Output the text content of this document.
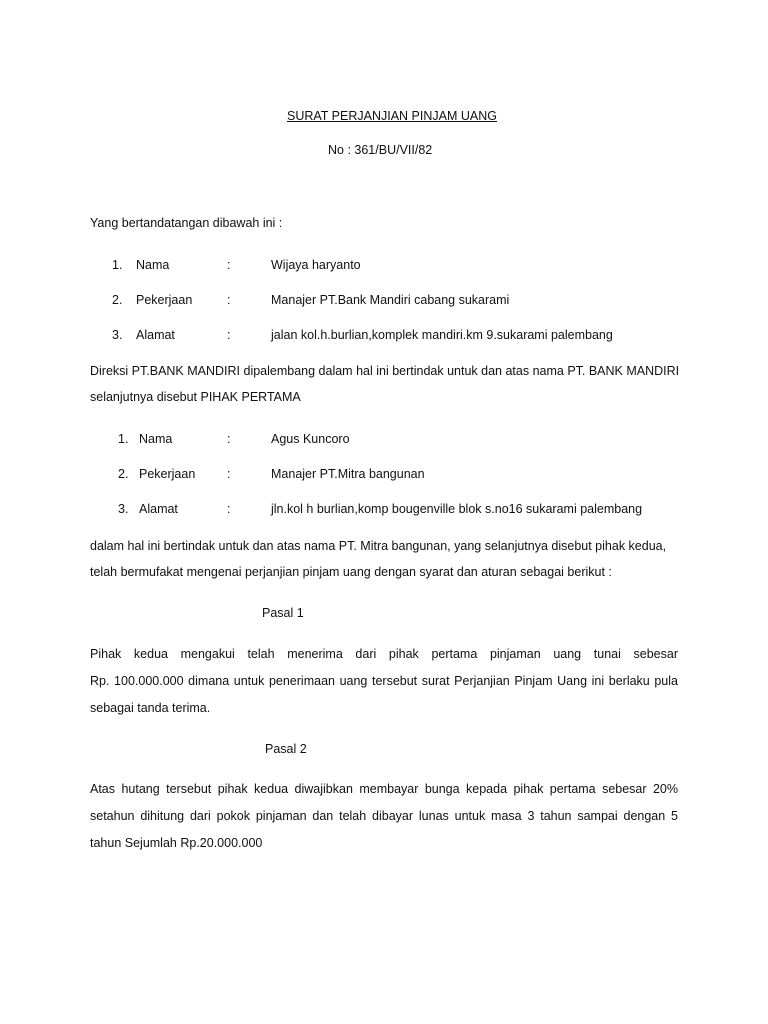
SURAT PERJANJIAN PINJAM UANG
No : 361/BU/VII/82
Yang bertandatangan dibawah ini :
1. Nama	:	Wijaya haryanto
2. Pekerjaan	:	Manajer PT.Bank Mandiri cabang sukarami
3. Alamat	:	jalan kol.h.burlian,komplek mandiri.km 9.sukarami palembang
Direksi PT.BANK MANDIRI dipalembang dalam hal ini bertindak untuk dan atas nama PT. BANK MANDIRI
selanjutnya disebut PIHAK PERTAMA
1. Nama	:	Agus Kuncoro
2. Pekerjaan	:	Manajer PT.Mitra bangunan
3. Alamat	:	jln.kol h burlian,komp bougenville blok s.no16 sukarami palembang
dalam hal ini bertindak untuk dan atas nama PT. Mitra bangunan, yang selanjutnya disebut pihak kedua,
telah bermufakat mengenai perjanjian pinjam uang dengan syarat dan aturan sebagai berikut :
Pasal 1
Pihak kedua mengakui telah menerima dari pihak pertama pinjaman uang tunai sebesar
Rp. 100.000.000 dimana untuk penerimaan uang tersebut surat Perjanjian Pinjam Uang ini berlaku pula
sebagai tanda terima.
Pasal 2
Atas hutang tersebut pihak kedua diwajibkan membayar bunga kepada pihak pertama sebesar 20%
setahun dihitung dari pokok pinjaman dan telah dibayar lunas untuk masa 3 tahun sampai dengan 5
tahun Sejumlah Rp.20.000.000
